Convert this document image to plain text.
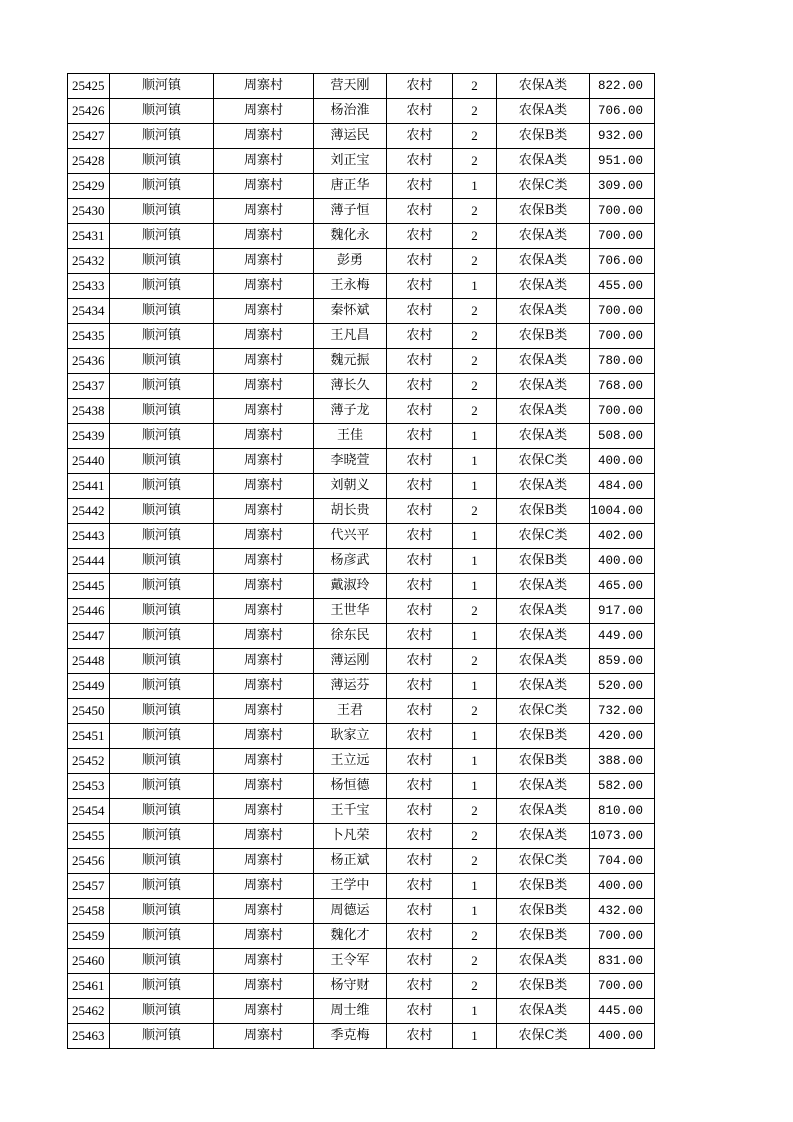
25425	顺河镇	周寨村	营天刚	农村	2	农保A类	822.00
25426	顺河镇	周寨村	杨治淮	农村	2	农保A类	706.00
25427	顺河镇	周寨村	薄运民	农村	2	农保B类	932.00
25428	顺河镇	周寨村	刘正宝	农村	2	农保A类	951.00
25429	顺河镇	周寨村	唐正华	农村	1	农保C类	309.00
25430	顺河镇	周寨村	薄子恒	农村	2	农保B类	700.00
25431	顺河镇	周寨村	魏化永	农村	2	农保A类	700.00
25432	顺河镇	周寨村	彭勇	农村	2	农保A类	706.00
25433	顺河镇	周寨村	王永梅	农村	1	农保A类	455.00
25434	顺河镇	周寨村	秦怀斌	农村	2	农保A类	700.00
25435	顺河镇	周寨村	王凡昌	农村	2	农保B类	700.00
25436	顺河镇	周寨村	魏元振	农村	2	农保A类	780.00
25437	顺河镇	周寨村	薄长久	农村	2	农保A类	768.00
25438	顺河镇	周寨村	薄子龙	农村	2	农保A类	700.00
25439	顺河镇	周寨村	王佳	农村	1	农保A类	508.00
25440	顺河镇	周寨村	李晓萱	农村	1	农保C类	400.00
25441	顺河镇	周寨村	刘朝义	农村	1	农保A类	484.00
25442	顺河镇	周寨村	胡长贵	农村	2	农保B类	1004.00
25443	顺河镇	周寨村	代兴平	农村	1	农保C类	402.00
25444	顺河镇	周寨村	杨彦武	农村	1	农保B类	400.00
25445	顺河镇	周寨村	戴淑玲	农村	1	农保A类	465.00
25446	顺河镇	周寨村	王世华	农村	2	农保A类	917.00
25447	顺河镇	周寨村	徐东民	农村	1	农保A类	449.00
25448	顺河镇	周寨村	薄运刚	农村	2	农保A类	859.00
25449	顺河镇	周寨村	薄运芬	农村	1	农保A类	520.00
25450	顺河镇	周寨村	王君	农村	2	农保C类	732.00
25451	顺河镇	周寨村	耿家立	农村	1	农保B类	420.00
25452	顺河镇	周寨村	王立远	农村	1	农保B类	388.00
25453	顺河镇	周寨村	杨恒德	农村	1	农保A类	582.00
25454	顺河镇	周寨村	王千宝	农村	2	农保A类	810.00
25455	顺河镇	周寨村	卜凡荣	农村	2	农保A类	1073.00
25456	顺河镇	周寨村	杨正斌	农村	2	农保C类	704.00
25457	顺河镇	周寨村	王学中	农村	1	农保B类	400.00
25458	顺河镇	周寨村	周德运	农村	1	农保B类	432.00
25459	顺河镇	周寨村	魏化才	农村	2	农保B类	700.00
25460	顺河镇	周寨村	王令军	农村	2	农保A类	831.00
25461	顺河镇	周寨村	杨守财	农村	2	农保B类	700.00
25462	顺河镇	周寨村	周士维	农村	1	农保A类	445.00
25463	顺河镇	周寨村	季克梅	农村	1	农保C类	400.00
